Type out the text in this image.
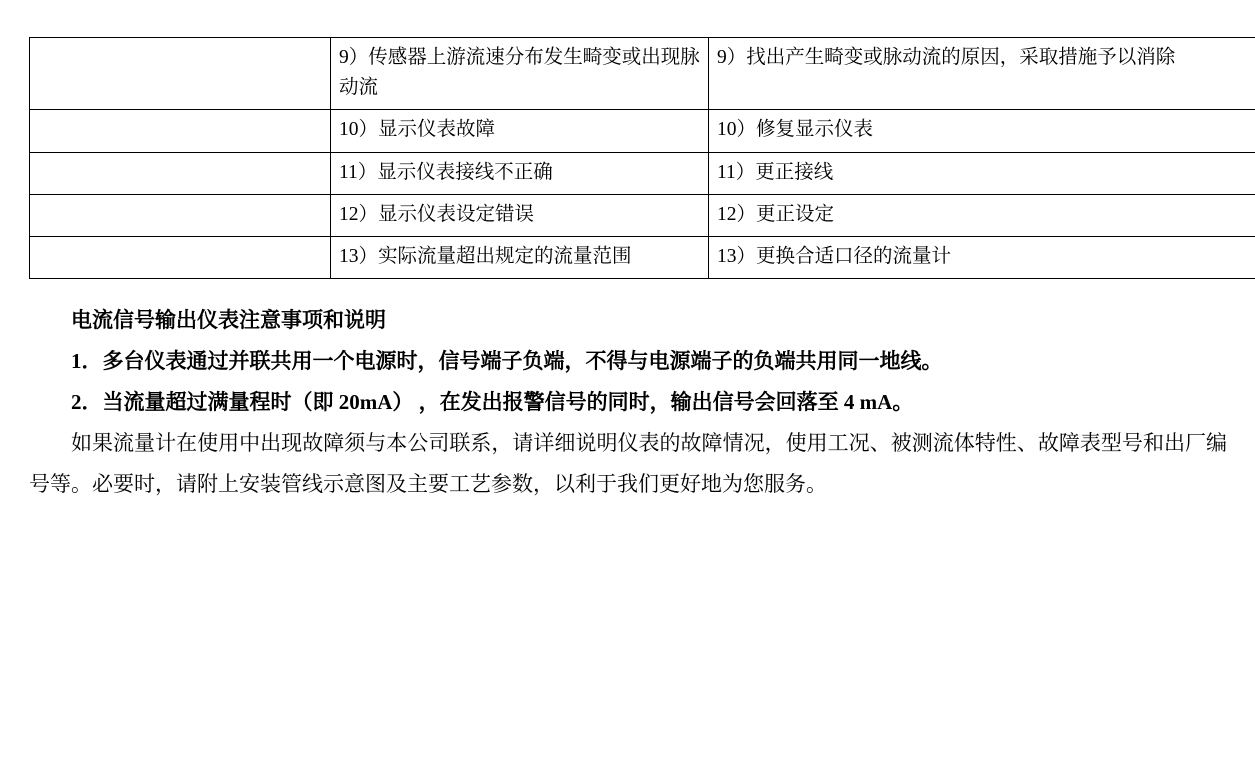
	9）传感器上游流速分布发生畸变或出现脉动流	9）找出产生畸变或脉动流的原因，采取措施予以消除
	10）显示仪表故障	10）修复显示仪表
	11）显示仪表接线不正确	11）更正接线
	12）显示仪表设定错误	12）更正设定
	13）实际流量超出规定的流量范围	13）更换合适口径的流量计

电流信号输出仪表注意事项和说明

1．多台仪表通过并联共用一个电源时，信号端子负端，不得与电源端子的负端共用同一地线。

2．当流量超过满量程时（即 20mA） ，在发出报警信号的同时，输出信号会回落至 4 mA。

如果流量计在使用中出现故障须与本公司联系，请详细说明仪表的故障情况，使用工况、被测流体特性、故障表型号和出厂编号等。必要时，请附上安装管线示意图及主要工艺参数，以利于我们更好地为您服务。
